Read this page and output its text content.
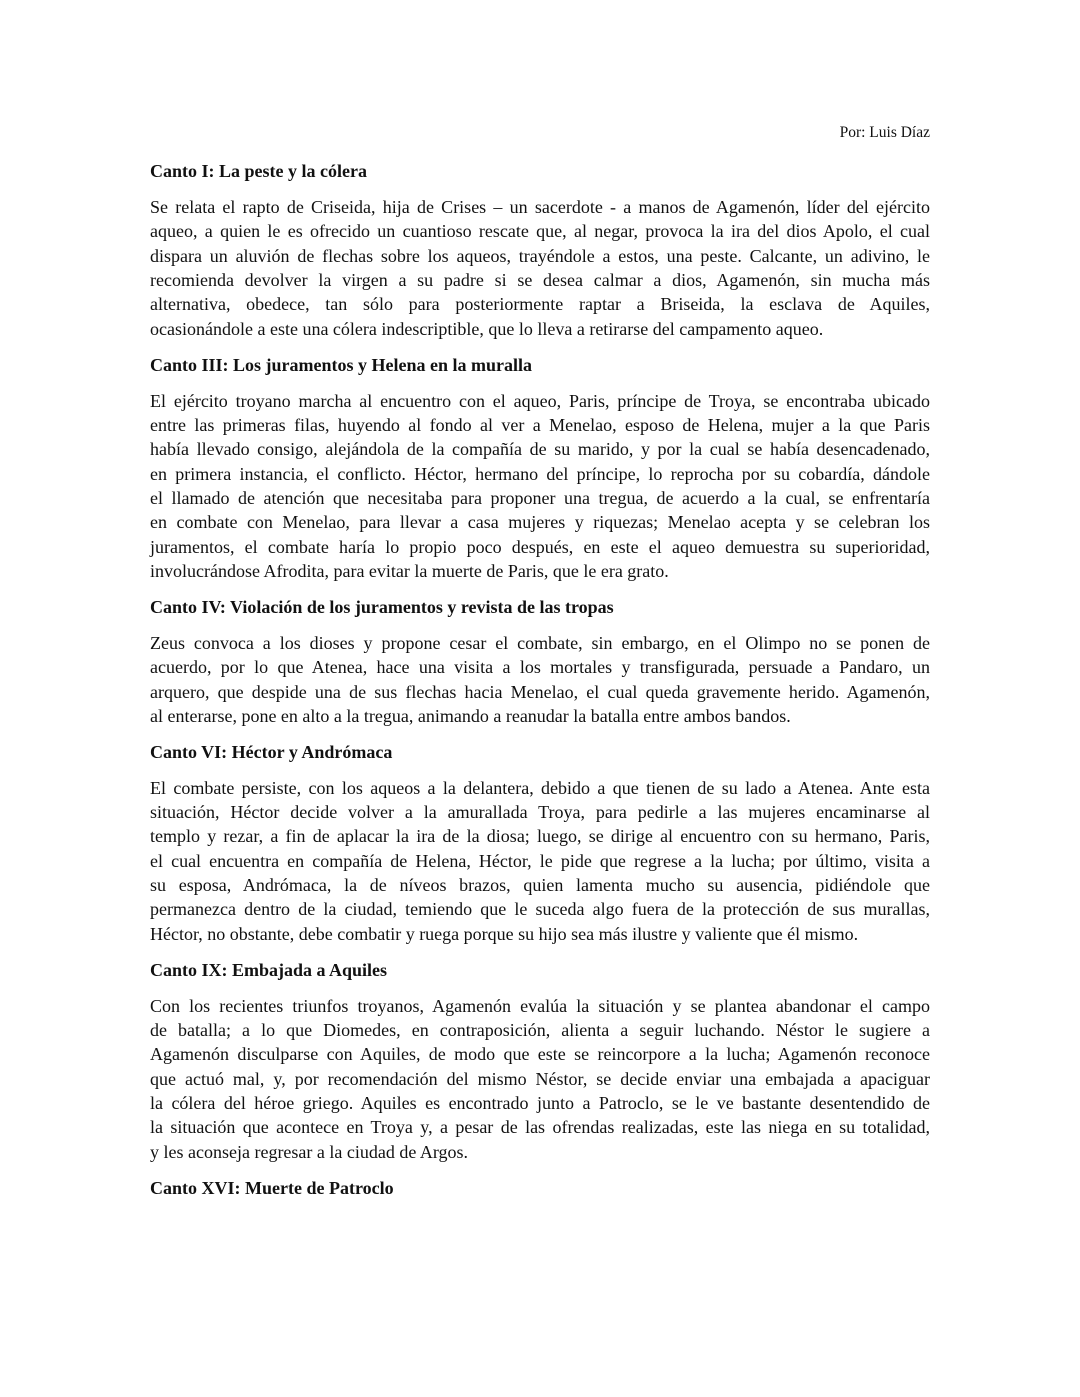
Por: Luis Díaz
Canto I: La peste y la cólera
Se relata el rapto de Criseida, hija de Crises – un sacerdote - a manos de Agamenón, líder del ejército
aqueo, a quien le es ofrecido un cuantioso rescate que, al negar, provoca la ira del dios Apolo, el cual
dispara un aluvión de flechas sobre los aqueos, trayéndole a estos, una peste. Calcante, un adivino, le
recomienda devolver la virgen a su padre si se desea calmar a dios, Agamenón, sin mucha más
alternativa, obedece, tan sólo para posteriormente raptar a Briseida, la esclava de Aquiles,
ocasionándole a este una cólera indescriptible, que lo lleva a retirarse del campamento aqueo.
Canto III: Los juramentos y Helena en la muralla
El ejército troyano marcha al encuentro con el aqueo, Paris, príncipe de Troya, se encontraba ubicado
entre las primeras filas, huyendo al fondo al ver a Menelao, esposo de Helena, mujer a la que Paris
había llevado consigo, alejándola de la compañía de su marido, y por la cual se había desencadenado,
en primera instancia, el conflicto. Héctor, hermano del príncipe, lo reprocha por su cobardía, dándole
el llamado de atención que necesitaba para proponer una tregua, de acuerdo a la cual, se enfrentaría
en combate con Menelao, para llevar a casa mujeres y riquezas; Menelao acepta y se celebran los
juramentos, el combate haría lo propio poco después, en este el aqueo demuestra su superioridad,
involucrándose Afrodita, para evitar la muerte de Paris, que le era grato.
Canto IV: Violación de los juramentos y revista de las tropas
Zeus convoca a los dioses y propone cesar el combate, sin embargo, en el Olimpo no se ponen de
acuerdo, por lo que Atenea, hace una visita a los mortales y transfigurada, persuade a Pandaro, un
arquero, que despide una de sus flechas hacia Menelao, el cual queda gravemente herido. Agamenón,
al enterarse, pone en alto a la tregua, animando a reanudar la batalla entre ambos bandos.
Canto VI: Héctor y Andrómaca
El combate persiste, con los aqueos a la delantera, debido a que tienen de su lado a Atenea. Ante esta
situación, Héctor decide volver a la amurallada Troya, para pedirle a las mujeres encaminarse al
templo y rezar, a fin de aplacar la ira de la diosa; luego, se dirige al encuentro con su hermano, Paris,
el cual encuentra en compañía de Helena, Héctor, le pide que regrese a la lucha; por último, visita a
su esposa, Andrómaca, la de níveos brazos, quien lamenta mucho su ausencia, pidiéndole que
permanezca dentro de la ciudad, temiendo que le suceda algo fuera de la protección de sus murallas,
Héctor, no obstante, debe combatir y ruega porque su hijo sea más ilustre y valiente que él mismo.
Canto IX: Embajada a Aquiles
Con los recientes triunfos troyanos, Agamenón evalúa la situación y se plantea abandonar el campo
de batalla; a lo que Diomedes, en contraposición, alienta a seguir luchando. Néstor le sugiere a
Agamenón disculparse con Aquiles, de modo que este se reincorpore a la lucha; Agamenón reconoce
que actuó mal, y, por recomendación del mismo Néstor, se decide enviar una embajada a apaciguar
la cólera del héroe griego. Aquiles es encontrado junto a Patroclo, se le ve bastante desentendido de
la situación que acontece en Troya y, a pesar de las ofrendas realizadas, este las niega en su totalidad,
y les aconseja regresar a la ciudad de Argos.
Canto XVI: Muerte de Patroclo
